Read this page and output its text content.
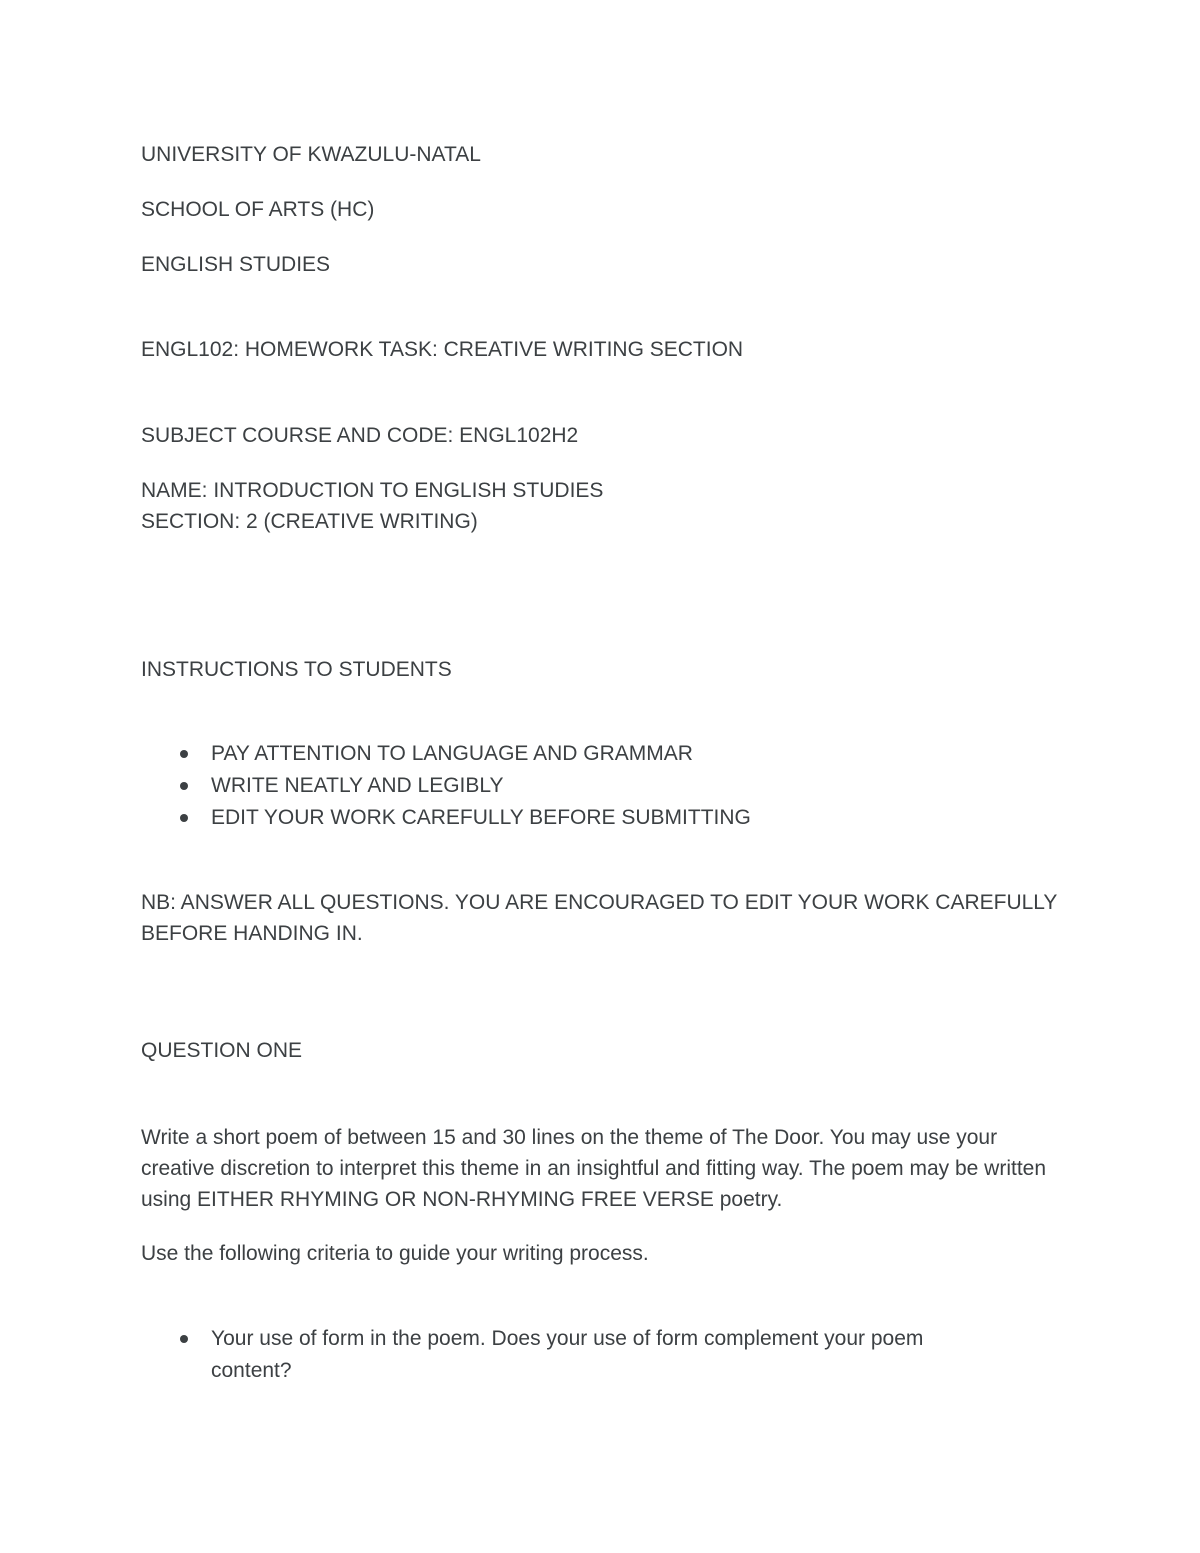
UNIVERSITY OF KWAZULU-NATAL

SCHOOL OF ARTS (HC)

ENGLISH STUDIES

ENGL102: HOMEWORK TASK: CREATIVE WRITING SECTION

SUBJECT COURSE AND CODE: ENGL102H2

NAME: INTRODUCTION TO ENGLISH STUDIES

SECTION: 2 (CREATIVE WRITING)

INSTRUCTIONS TO STUDENTS

PAY ATTENTION TO LANGUAGE AND GRAMMAR
WRITE NEATLY AND LEGIBLY
EDIT YOUR WORK CAREFULLY BEFORE SUBMITTING

NB: ANSWER ALL QUESTIONS. YOU ARE ENCOURAGED TO EDIT YOUR WORK CAREFULLY BEFORE HANDING IN.

QUESTION ONE

Write a short poem of between 15 and 30 lines on the theme of The Door. You may use your creative discretion to interpret this theme in an insightful and fitting way. The poem may be written using EITHER RHYMING OR NON-RHYMING FREE VERSE poetry.

Use the following criteria to guide your writing process.

Your use of form in the poem. Does your use of form complement your poem content?
